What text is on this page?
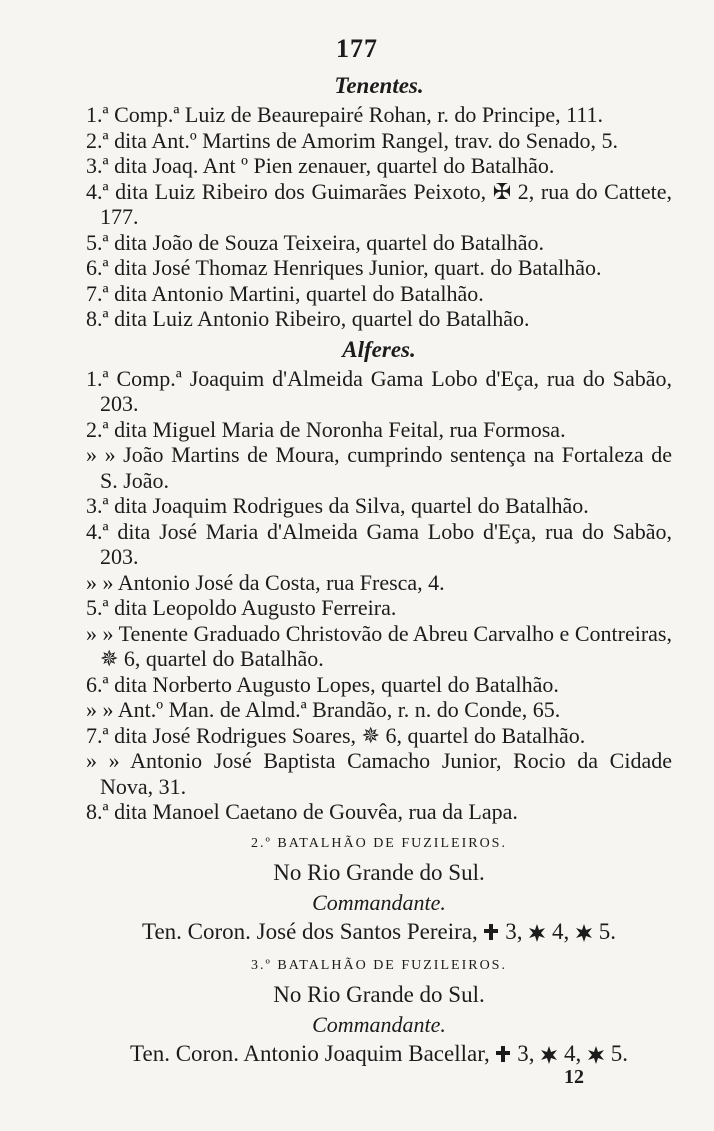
177
Tenentes.
1.ª Comp.ª Luiz de Beaurepairé Rohan, r. do Principe, 111.
2.ª dita Ant.º Martins de Amorim Rangel, trav. do Senado, 5.
3.ª dita Joaq. Ant º Pien zenauer, quartel do Batalhão.
4.ª dita Luiz Ribeiro dos Guimarães Peixoto, ✠ 2, rua do Cattete, 177.
5.ª dita João de Souza Teixeira, quartel do Batalhão.
6.ª dita José Thomaz Henriques Junior, quart. do Batalhão.
7.ª dita Antonio Martini, quartel do Batalhão.
8.ª dita Luiz Antonio Ribeiro, quartel do Batalhão.
Alferes.
1.ª Comp.ª Joaquim d'Almeida Gama Lobo d'Eça, rua do Sabão, 203.
2.ª dita Miguel Maria de Noronha Feital, rua Formosa.
» » João Martins de Moura, cumprindo sentença na Fortaleza de S. João.
3.ª dita Joaquim Rodrigues da Silva, quartel do Batalhão.
4.ª dita José Maria d'Almeida Gama Lobo d'Eça, rua do Sabão, 203.
» » Antonio José da Costa, rua Fresca, 4.
5.ª dita Leopoldo Augusto Ferreira.
» » Tenente Graduado Christovão de Abreu Carvalho e Contreiras, ✵ 6, quartel do Batalhão.
6.ª dita Norberto Augusto Lopes, quartel do Batalhão.
» » Ant.º Man. de Almd.ª Brandão, r. n. do Conde, 65.
7.ª dita José Rodrigues Soares, ✵ 6, quartel do Batalhão.
» » Antonio José Baptista Camacho Junior, Rocio da Cidade Nova, 31.
8.ª dita Manoel Caetano de Gouvêa, rua da Lapa.
2.º BATALHÃO DE FUZILEIROS.
No Rio Grande do Sul.
Commandante.
Ten. Coron. José dos Santos Pereira, 3,  4,  5.
3.º BATALHÃO DE FUZILEIROS.
No Rio Grande do Sul.
Commandante.
Ten. Coron. Antonio Joaquim Bacellar, 3,  4,  5.
12
